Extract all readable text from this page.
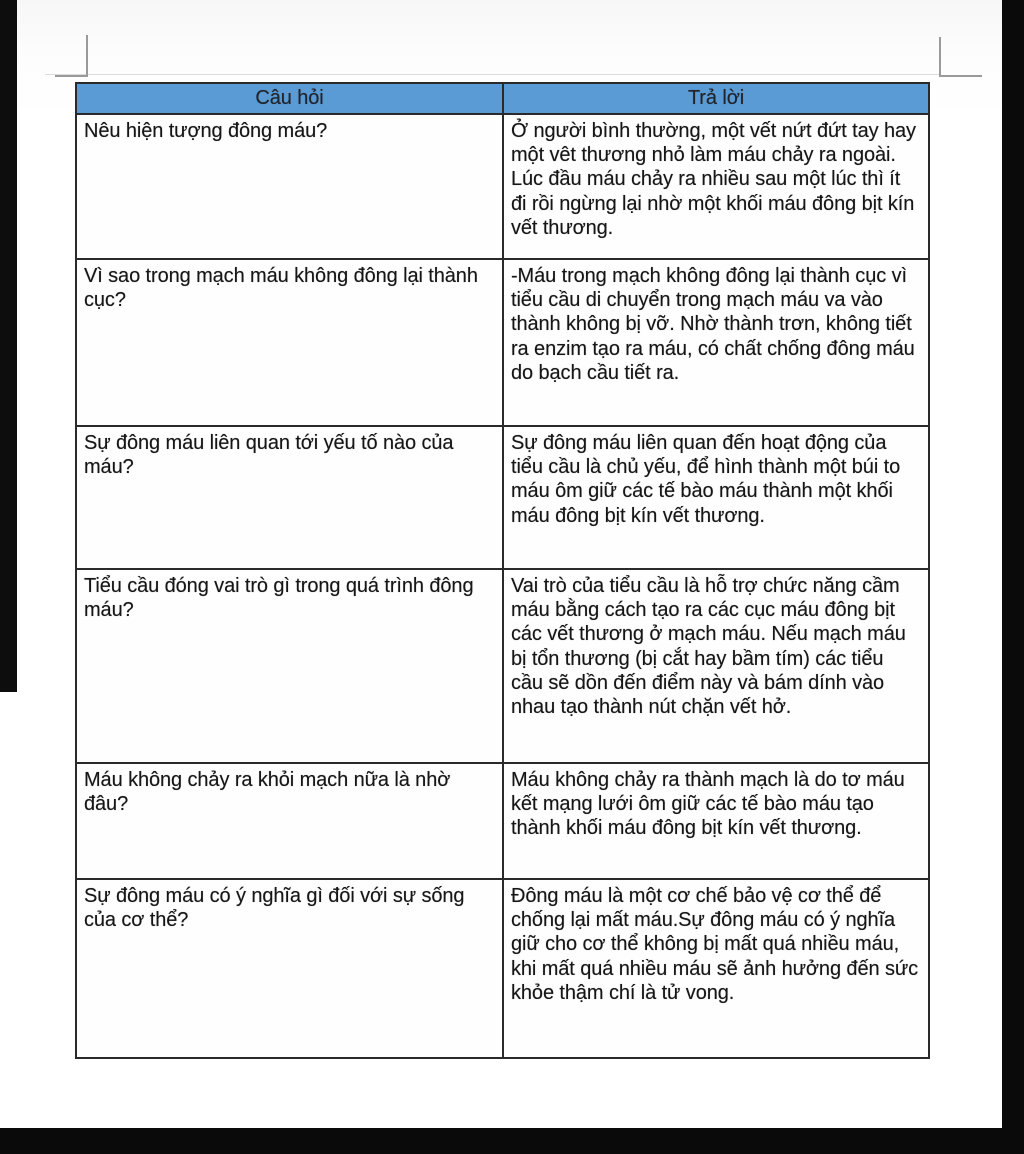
Câu hỏi	Trả lời
Nêu hiện tượng đông máu?	Ở người bình thường, một vết nứt đứt tay hay một vêt thương nhỏ làm máu chảy ra ngoài. Lúc đầu máu chảy ra nhiều sau một lúc thì ít đi rồi ngừng lại nhờ một khối máu đông bịt kín vết thương.
Vì sao trong mạch máu không đông lại thành cục?	-Máu trong mạch không đông lại thành cục vì tiểu cầu di chuyển trong mạch máu va vào thành không bị vỡ. Nhờ thành trơn, không tiết ra enzim tạo ra máu, có chất chống đông máu do bạch cầu tiết ra.
Sự đông máu liên quan tới yếu tố nào của máu?	Sự đông máu liên quan đến hoạt động của tiểu cầu là chủ yếu, để hình thành một búi to máu ôm giữ các tế bào máu thành một khối máu đông bịt kín vết thương.
Tiểu cầu đóng vai trò gì trong quá trình đông máu?	Vai trò của tiểu cầu là hỗ trợ chức năng cầm máu bằng cách tạo ra các cục máu đông bịt các vết thương ở mạch máu. Nếu mạch máu bị tổn thương (bị cắt hay bầm tím) các tiểu cầu sẽ dồn đến điểm này và bám dính vào nhau tạo thành nút chặn vết hở.
Máu không chảy ra khỏi mạch nữa là nhờ đâu?	Máu không chảy ra thành mạch là do tơ máu kết mạng lưới ôm giữ các tế bào máu tạo thành khối máu đông bịt kín vết thương.
Sự đông máu có ý nghĩa gì đối với sự sống của cơ thể?	Đông máu là một cơ chế bảo vệ cơ thể để chống lại mất máu.Sự đông máu có ý nghĩa giữ cho cơ thể không bị mất quá nhiều máu, khi mất quá nhiều máu sẽ ảnh hưởng đến sức khỏe thậm chí là tử vong.
